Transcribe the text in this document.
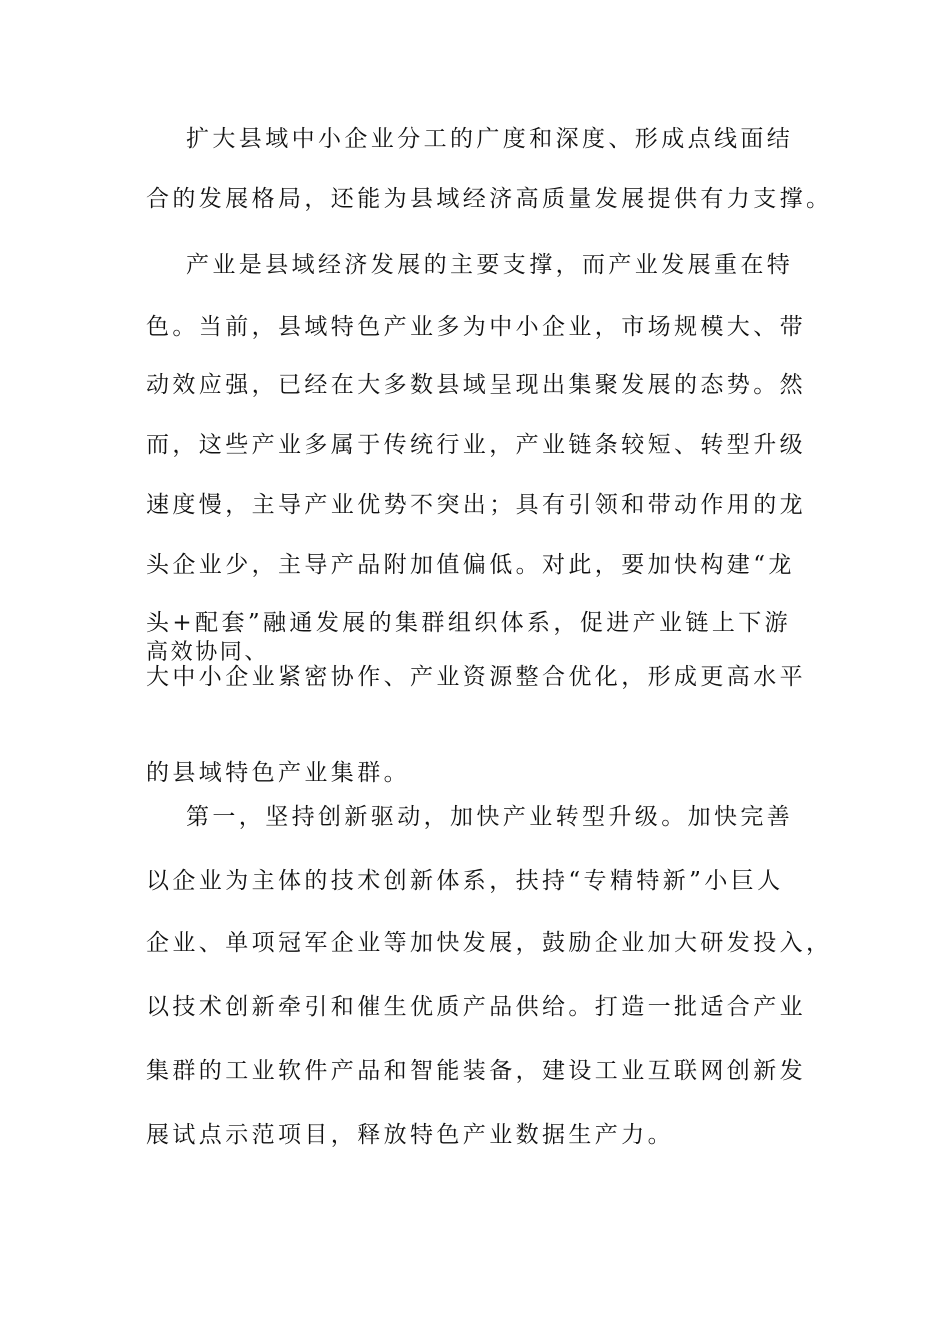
扩大县域中小企业分工的广度和深度、形成点线面结
合的发展格局，还能为县域经济高质量发展提供有力支撑。
产业是县域经济发展的主要支撑，而产业发展重在特
色。当前，县域特色产业多为中小企业，市场规模大、带
动效应强，已经在大多数县域呈现出集聚发展的态势。然
而，这些产业多属于传统行业，产业链条较短、转型升级
速度慢，主导产业优势不突出；具有引领和带动作用的龙
头企业少，主导产品附加值偏低。对此，要加快构建“龙
头+配套”融通发展的集群组织体系，促进产业链上下游
高效协同、
大中小企业紧密协作、产业资源整合优化，形成更高水平
的县域特色产业集群。
第一，坚持创新驱动，加快产业转型升级。加快完善
以企业为主体的技术创新体系，扶持“专精特新”小巨人
企业、单项冠军企业等加快发展，鼓励企业加大研发投入，
以技术创新牵引和催生优质产品供给。打造一批适合产业
集群的工业软件产品和智能装备，建设工业互联网创新发
展试点示范项目，释放特色产业数据生产力。
